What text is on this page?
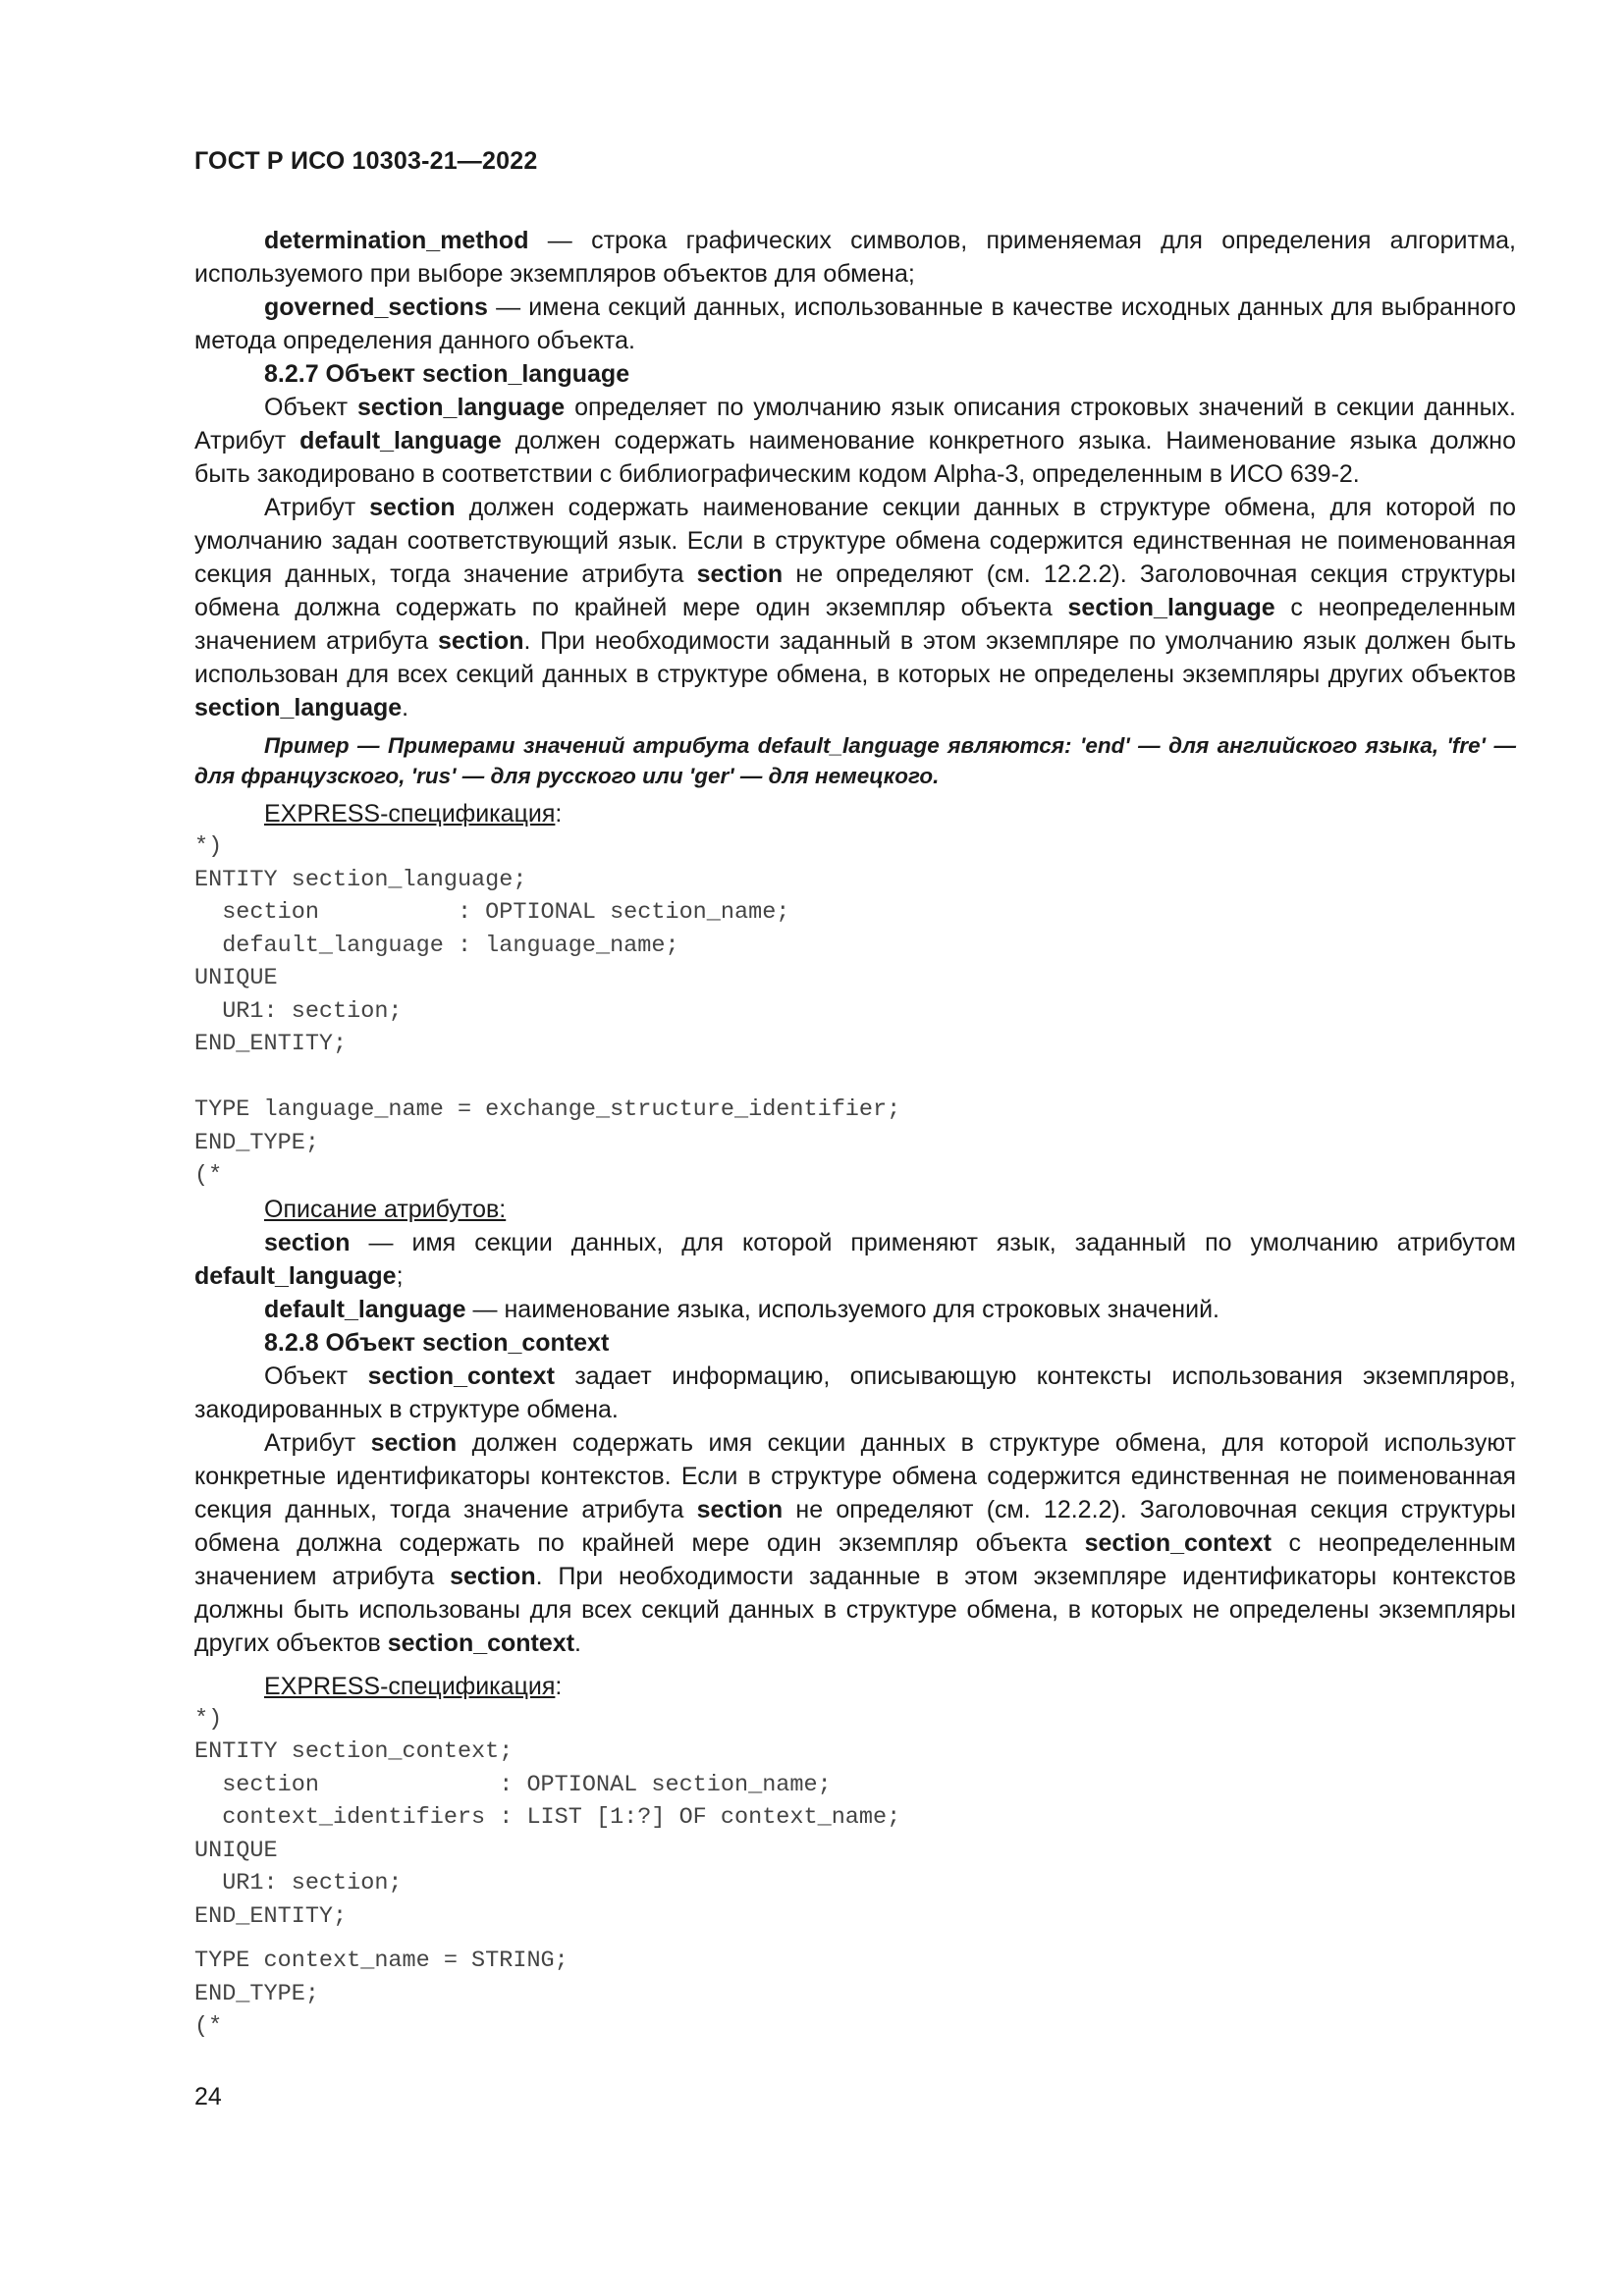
ГОСТ Р ИСО 10303-21—2022

determination_method — строка графических символов, применяемая для определения алгоритма, используемого при выборе экземпляров объектов для обмена;

governed_sections — имена секций данных, использованные в качестве исходных данных для выбранного метода определения данного объекта.

8.2.7 Объект section_language

Объект section_language определяет по умолчанию язык описания строковых значений в секции данных. Атрибут default_language должен содержать наименование конкретного языка. Наименование языка должно быть закодировано в соответствии с библиографическим кодом Alpha-3, определенным в ИСО 639-2.

Атрибут section должен содержать наименование секции данных в структуре обмена, для которой по умолчанию задан соответствующий язык. Если в структуре обмена содержится единственная не поименованная секция данных, тогда значение атрибута section не определяют (см. 12.2.2). Заголовочная секция структуры обмена должна содержать по крайней мере один экземпляр объекта section_language с неопределенным значением атрибута section. При необходимости заданный в этом экземпляре по умолчанию язык должен быть использован для всех секций данных в структуре обмена, в которых не определены экземпляры других объектов section_language.

Пример — Примерами значений атрибута default_language являются: 'end' — для английского языка, 'fre' — для французского, 'rus' — для русского или 'ger' — для немецкого.

EXPRESS-спецификация:

*)
ENTITY section_language;
section          : OPTIONAL section_name;
default_language : language_name;
UNIQUE
UR1: section;
END_ENTITY;

TYPE language_name = exchange_structure_identifier;
END_TYPE;
(*

Описание атрибутов:

section — имя секции данных, для которой применяют язык, заданный по умолчанию атрибутом default_language;

default_language — наименование языка, используемого для строковых значений.

8.2.8 Объект section_context

Объект section_context задает информацию, описывающую контексты использования экземпляров, закодированных в структуре обмена.

Атрибут section должен содержать имя секции данных в структуре обмена, для которой используют конкретные идентификаторы контекстов. Если в структуре обмена содержится единственная не поименованная секция данных, тогда значение атрибута section не определяют (см. 12.2.2). Заголовочная секция структуры обмена должна содержать по крайней мере один экземпляр объекта section_context с неопределенным значением атрибута section. При необходимости заданные в этом экземпляре идентификаторы контекстов должны быть использованы для всех секций данных в структуре обмена, в которых не определены экземпляры других объектов section_context.

EXPRESS-спецификация:

*)
ENTITY section_context;
section             : OPTIONAL section_name;
context_identifiers : LIST [1:?] OF context_name;
UNIQUE
UR1: section;
END_ENTITY;
TYPE context_name = STRING;
END_TYPE;
(*
24
